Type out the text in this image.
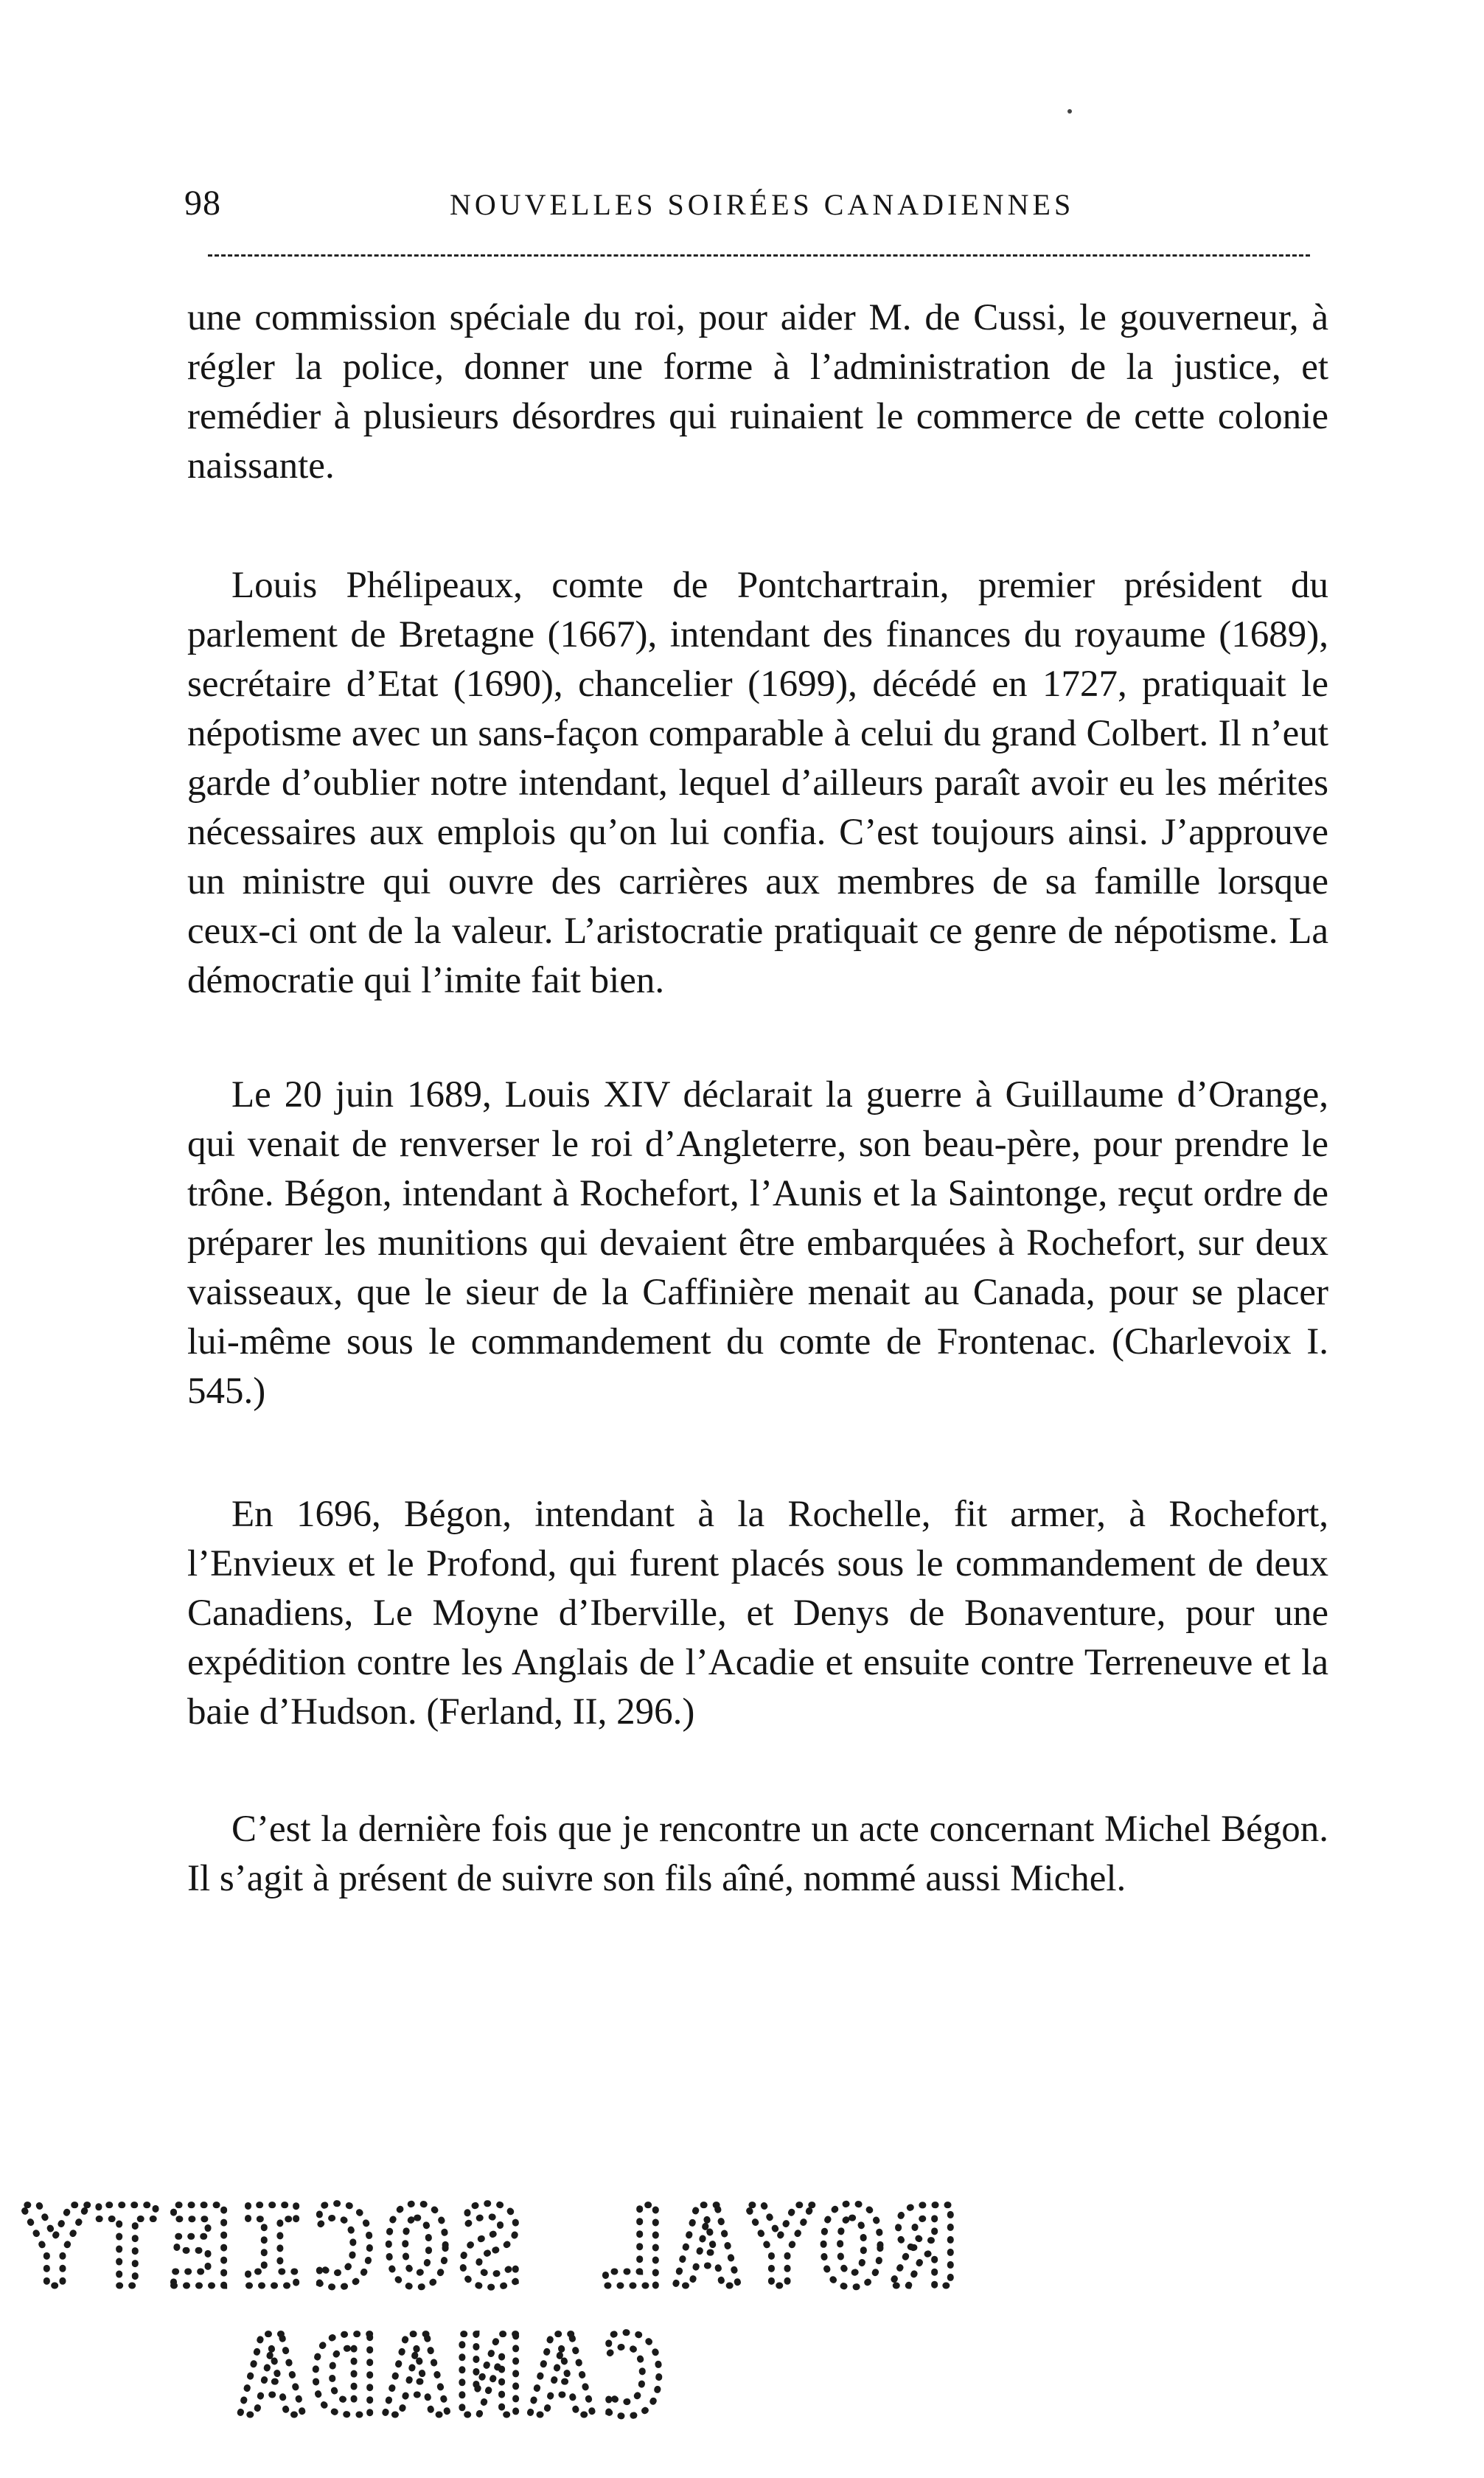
98	NOUVELLES SOIRÉES CANADIENNES

une commission spéciale du roi, pour aider M. de Cussi, le gouverneur, à régler la police, donner une forme à l’administration de la justice, et remédier à plusieurs désordres qui ruinaient le commerce de cette colonie naissante.

Louis Phélipeaux, comte de Pontchartrain, premier président du parlement de Bretagne (1667), intendant des finances du royaume (1689), secrétaire d’Etat (1690), chancelier (1699), décédé en 1727, pratiquait le népotisme avec un sans-façon comparable à celui du grand Colbert. Il n’eut garde d’oublier notre intendant, lequel d’ailleurs paraît avoir eu les mérites nécessaires aux emplois qu’on lui confia. C’est toujours ainsi. J’approuve un ministre qui ouvre des carrières aux membres de sa famille lorsque ceux-ci ont de la valeur. L’aristocratie pratiquait ce genre de népotisme. La démocratie qui l’imite fait bien.

Le 20 juin 1689, Louis XIV déclarait la guerre à Guillaume d’Orange, qui venait de renverser le roi d’Angleterre, son beau-père, pour prendre le trône. Bégon, intendant à Rochefort, l’Aunis et la Saintonge, reçut ordre de préparer les munitions qui devaient être embarquées à Rochefort, sur deux vaisseaux, que le sieur de la Caffinière menait au Canada, pour se placer lui-même sous le commandement du comte de Frontenac. (Charlevoix I. 545.)

En 1696, Bégon, intendant à la Rochelle, fit armer, à Rochefort, l’Envieux et le Profond, qui furent placés sous le commandement de deux Canadiens, Le Moyne d’Iberville, et Denys de Bonaventure, pour une expédition contre les Anglais de l’Acadie et ensuite contre Terreneuve et la baie d’Hudson. (Ferland, II, 296.)

C’est la dernière fois que je rencontre un acte concernant Michel Bégon. Il s’agit à présent de suivre son fils aîné, nommé aussi Michel.

ROYAL SOCIETY
CANADA
